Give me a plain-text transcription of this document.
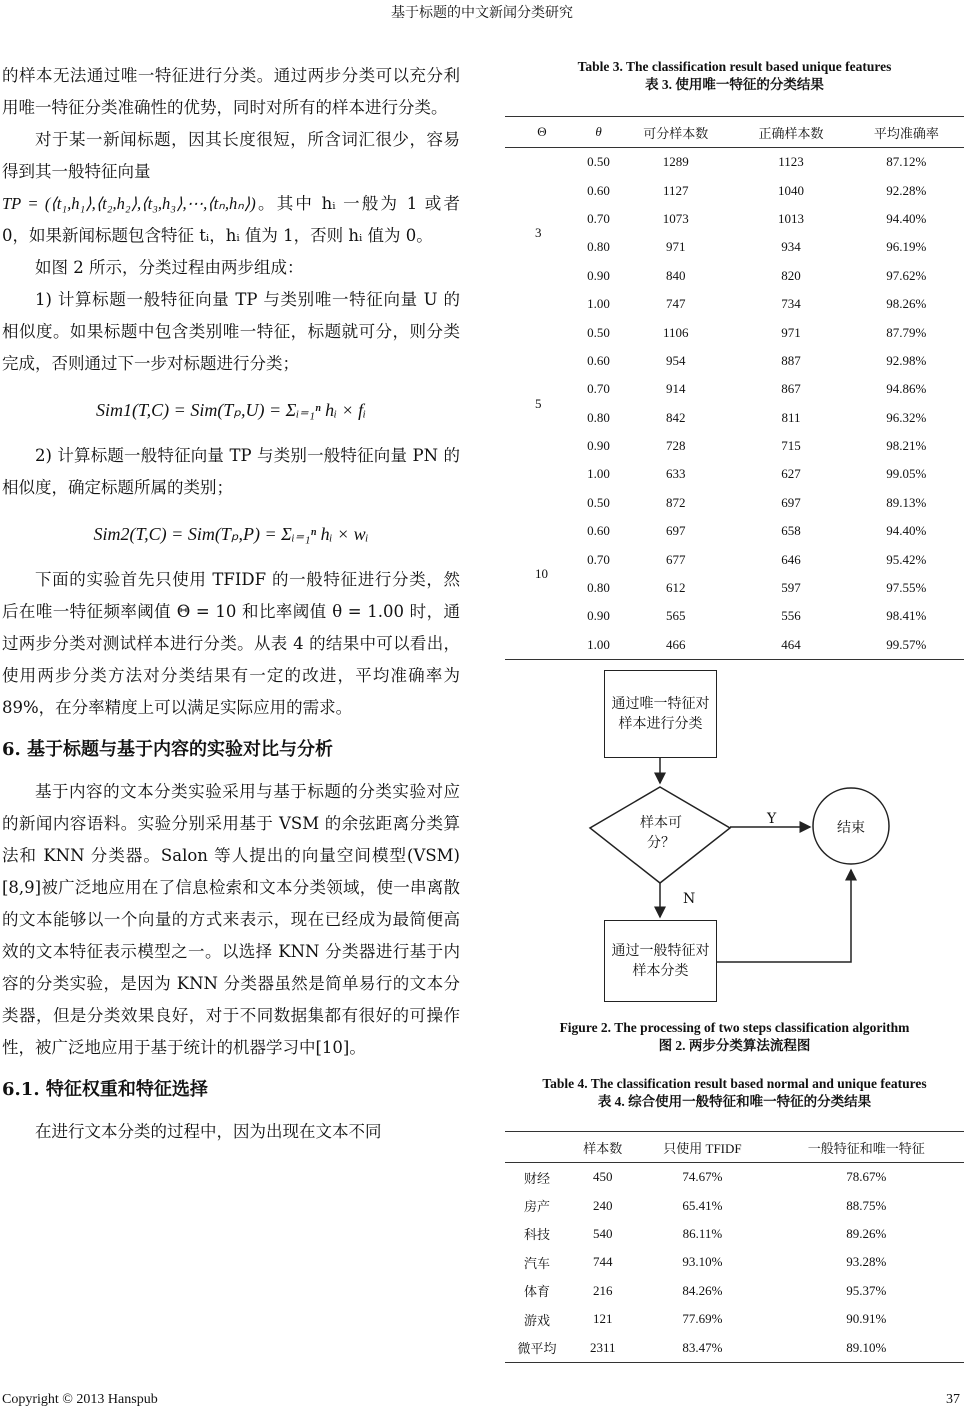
基于标题的中文新闻分类研究

的样本无法通过唯一特征进行分类。通过两步分类可以充分利用唯一特征分类准确性的优势，同时对所有的样本进行分类。

对于某一新闻标题，因其长度很短，所含词汇很少，容易得到其一般特征向量

TP = (⟨t₁,h₁⟩,⟨t₂,h₂⟩,⟨t₃,h₃⟩,⋯,⟨tₙ,hₙ⟩)。其中 hᵢ 一般为 1 或者 0，如果新闻标题包含特征 tᵢ，hᵢ 值为 1，否则 hᵢ 值为 0。

如图 2 所示，分类过程由两步组成：

1) 计算标题一般特征向量 TP 与类别唯一特征向量 U 的相似度。如果标题中包含类别唯一特征，标题就可分，则分类完成，否则通过下一步对标题进行分类；

Sim1(T,C) = Sim(Tₚ,U) = Σᵢ₌₁ⁿ hᵢ × fᵢ

2) 计算标题一般特征向量 TP 与类别一般特征向量 PN 的相似度，确定标题所属的类别；

Sim2(T,C) = Sim(Tₚ,P) = Σᵢ₌₁ⁿ hᵢ × wᵢ

下面的实验首先只使用 TFIDF 的一般特征进行分类，然后在唯一特征频率阈值 Θ = 10 和比率阈值 θ = 1.00 时，通过两步分类对测试样本进行分类。从表 4 的结果中可以看出，使用两步分类方法对分类结果有一定的改进，平均准确率为 89%，在分率精度上可以满足实际应用的需求。

6. 基于标题与基于内容的实验对比与分析

基于内容的文本分类实验采用与基于标题的分类实验对应的新闻内容语料。实验分别采用基于 VSM 的余弦距离分类算法和 KNN 分类器。Salon 等人提出的向量空间模型(VSM)[8,9]被广泛地应用在了信息检索和文本分类领域，使一串离散的文本能够以一个向量的方式来表示，现在已经成为最简便高效的文本特征表示模型之一。以选择 KNN 分类器进行基于内容的分类实验，是因为 KNN 分类器虽然是简单易行的文本分类器，但是分类效果良好，对于不同数据集都有很好的可操作性，被广泛地应用于基于统计的机器学习中[10]。

6.1. 特征权重和特征选择

在进行文本分类的过程中，因为出现在文本不同

Table 3. The classification result based unique features
表 3. 使用唯一特征的分类结果
Θ	θ	可分样本数	正确样本数	平均准确率
3	0.50	1289	1123	87.12%
	0.60	1127	1040	92.28%
	0.70	1073	1013	94.40%
	0.80	971	934	96.19%
	0.90	840	820	97.62%
	1.00	747	734	98.26%
5	0.50	1106	971	87.79%
	0.60	954	887	92.98%
	0.70	914	867	94.86%
	0.80	842	811	96.32%
	0.90	728	715	98.21%
	1.00	633	627	99.05%
10	0.50	872	697	89.13%
	0.60	697	658	94.40%
	0.70	677	646	95.42%
	0.80	612	597	97.55%
	0.90	565	556	98.41%
	1.00	466	464	99.57%
通过唯一特征对样本进行分类
样本可分？
结束
Y
N
通过一般特征对样本分类
Figure 2. The processing of two steps classification algorithm
图 2. 两步分类算法流程图
Table 4. The classification result based normal and unique features
表 4. 综合使用一般特征和唯一特征的分类结果
	样本数	只使用 TFIDF	一般特征和唯一特征
财经	450	74.67%	78.67%
房产	240	65.41%	88.75%
科技	540	86.11%	89.26%
汽车	744	93.10%	93.28%
体育	216	84.26%	95.37%
游戏	121	77.69%	90.91%
微平均	2311	83.47%	89.10%
Copyright © 2013 Hanspub	37
